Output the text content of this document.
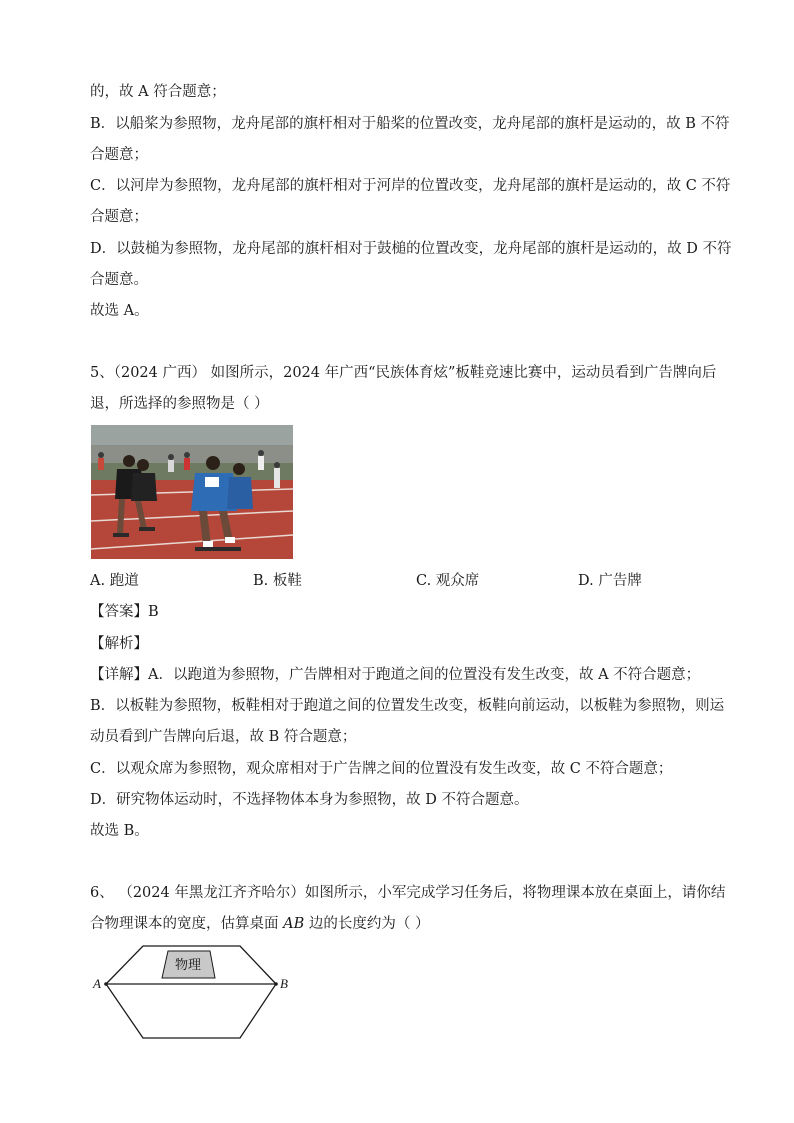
的，故 A 符合题意；
B．以船桨为参照物，龙舟尾部的旗杆相对于船桨的位置改变，龙舟尾部的旗杆是运动的，故 B 不符
合题意；
C．以河岸为参照物，龙舟尾部的旗杆相对于河岸的位置改变，龙舟尾部的旗杆是运动的，故 C 不符
合题意；
D．以鼓槌为参照物，龙舟尾部的旗杆相对于鼓槌的位置改变，龙舟尾部的旗杆是运动的，故 D 不符
合题意。
故选 A。
5、（2024 广西） 如图所示，2024 年广西“民族体育炫”板鞋竞速比赛中，运动员看到广告牌向后
退，所选择的参照物是（ ）
A. 跑道	B. 板鞋	C. 观众席	D. 广告牌
【答案】B
【解析】
【详解】A．以跑道为参照物，广告牌相对于跑道之间的位置没有发生改变，故 A 不符合题意；
B．以板鞋为参照物，板鞋相对于跑道之间的位置发生改变，板鞋向前运动，以板鞋为参照物，则运
动员看到广告牌向后退，故 B 符合题意；
C．以观众席为参照物，观众席相对于广告牌之间的位置没有发生改变，故 C 不符合题意；
D．研究物体运动时，不选择物体本身为参照物，故 D 不符合题意。
故选 B。
6、 （2024 年黑龙江齐齐哈尔）如图所示，小军完成学习任务后，将物理课本放在桌面上，请你结
合物理课本的宽度，估算桌面 AB 边的长度约为（ ）
物理
A	B
